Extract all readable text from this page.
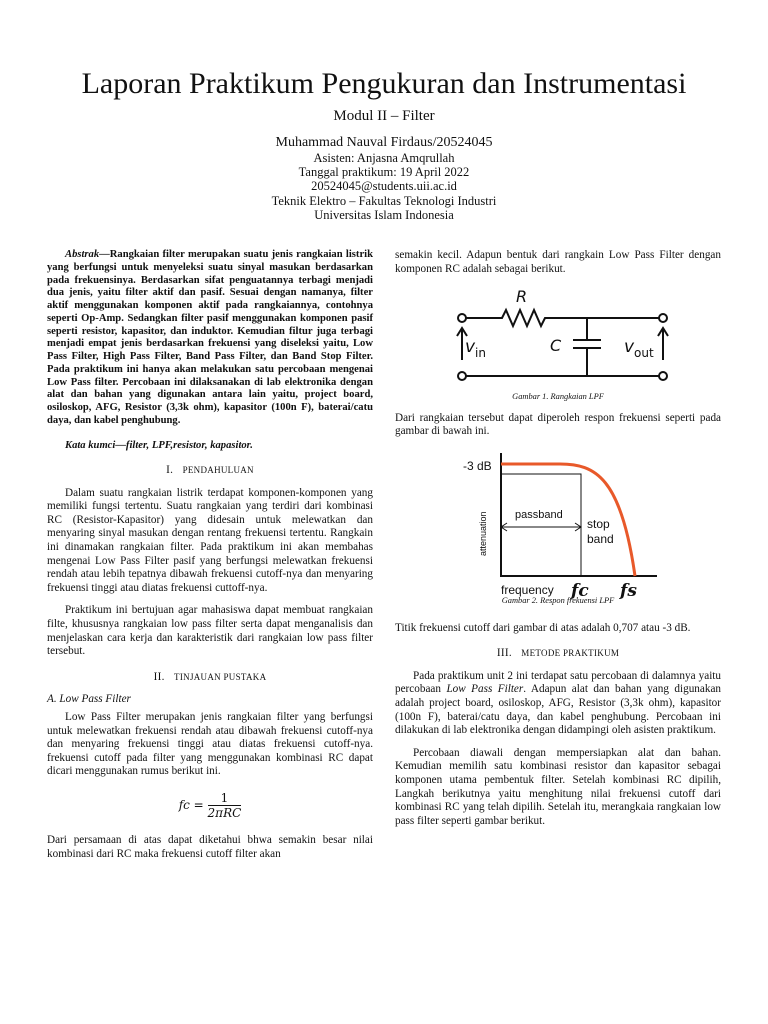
Laporan Praktikum Pengukuran dan Instrumentasi
Modul II – Filter
Muhammad Nauval Firdaus/20524045
Asisten: Anjasna Amqrullah
Tanggal praktikum: 19 April 2022
20524045@students.uii.ac.id
Teknik Elektro – Fakultas Teknologi Industri
Universitas Islam Indonesia

Abstrak—Rangkaian filter merupakan suatu jenis rangkaian listrik yang berfungsi untuk menyeleksi suatu sinyal masukan berdasarkan pada frekuensinya. Berdasarkan sifat penguatannya terbagi menjadi dua jenis, yaitu filter aktif dan pasif. Sesuai dengan namanya, filter aktif menggunakan komponen aktif pada rangkaiannya, contohnya seperti Op-Amp. Sedangkan filter pasif menggunakan komponen pasif seperti resistor, kapasitor, dan induktor. Kemudian filtur juga terbagi menjadi empat jenis berdasarkan frekuensi yang diseleksi yaitu, Low Pass Filter, High Pass Filter, Band Pass Filter, dan Band Stop Filter. Pada praktikum ini hanya akan melakukan satu percobaan mengenai Low Pass filter. Percobaan ini dilaksanakan di lab elektronika dengan alat dan bahan yang digunakan antara lain yaitu, project board, osiloskop, AFG, Resistor (3,3k ohm), kapasitor (100n F), baterai/catu daya, dan kabel penghubung.

Kata kumci—filter, LPF,resistor, kapasitor.

I. PENDAHULUAN

Dalam suatu rangkaian listrik terdapat komponen-komponen yang memiliki fungsi tertentu. Suatu rangkaian yang terdiri dari kombinasi RC (Resistor-Kapasitor) yang didesain untuk melewatkan dan menyaring sinyal masukan dengan rentang frekuensi tertentu. Rangkain ini dinamakan rangkaian filter. Pada praktikum ini akan membahas mengenai Low Pass Filter pasif yang berfungsi melewatkan frekuensi rendah atau lebih tepatnya dibawah frekuensi cutoff-nya dan menyaring frekuensi tinggi atau diatas frekuensi cuttoff-nya.

Praktikum ini bertujuan agar mahasiswa dapat membuat rangkaian filte, khususnya rangkaian low pass filter serta dapat menganalisis dan menjelaskan cara kerja dan karakteristik dari rangkaian low pass filter tersebut.

II. TINJAUAN PUSTAKA

A. Low Pass Filter

Low Pass Filter merupakan jenis rangkaian filter yang berfungsi untuk melewatkan frekuensi rendah atau dibawah frekuensi cutoff-nya dan menyaring frekuensi tinggi atau diatas frekuensi cutoff-nya. frekuensi cutoff pada filter yang menggunakan kombinasi RC dapat dicari menggunakan rumus berikut ini.

fc = $\frac{1}{\text{2πRC}}$

Dari persamaan di atas dapat diketahui bhwa semakin besar nilai kombinasi dari RC maka frekuensi cutoff filter akan

semakin kecil. Adapun bentuk dari rangkain Low Pass Filter dengan komponen RC adalah sebagai berikut.

R
C
v in	v out
Gambar 1. Rangkaian LPF

Dari rangkaian tersebut dapat diperoleh respon frekuensi seperti pada gambar di bawah ini.

-3 dB
attenuation passband
stop
band
frequency fc fs
Gambar 2. Respon frekuensi LPF

Titik frekuensi cutoff dari gambar di atas adalah 0,707 atau -3 dB.

III. METODE PRAKTIKUM

Pada praktikum unit 2 ini terdapat satu percobaan di dalamnya yaitu percobaan Low Pass Filter. Adapun alat dan bahan yang digunakan adalah project board, osiloskop, AFG, Resistor (3,3k ohm), kapasitor (100n F), baterai/catu daya, dan kabel penghubung. Percobaan ini dilakukan di lab elektronika dengan didampingi oleh asisten praktikum.

Percobaan diawali dengan mempersiapkan alat dan bahan. Kemudian memilih satu kombinasi resistor dan kapasitor sebagai komponen utama pembentuk filter. Setelah kombinasi RC dipilih, Langkah berikutnya yaitu menghitung nilai frekuensi cutoff dari kombinasi RC yang telah dipilih. Setelah itu, merangkaia rangkaian low pass filter seperti gambar berikut.
